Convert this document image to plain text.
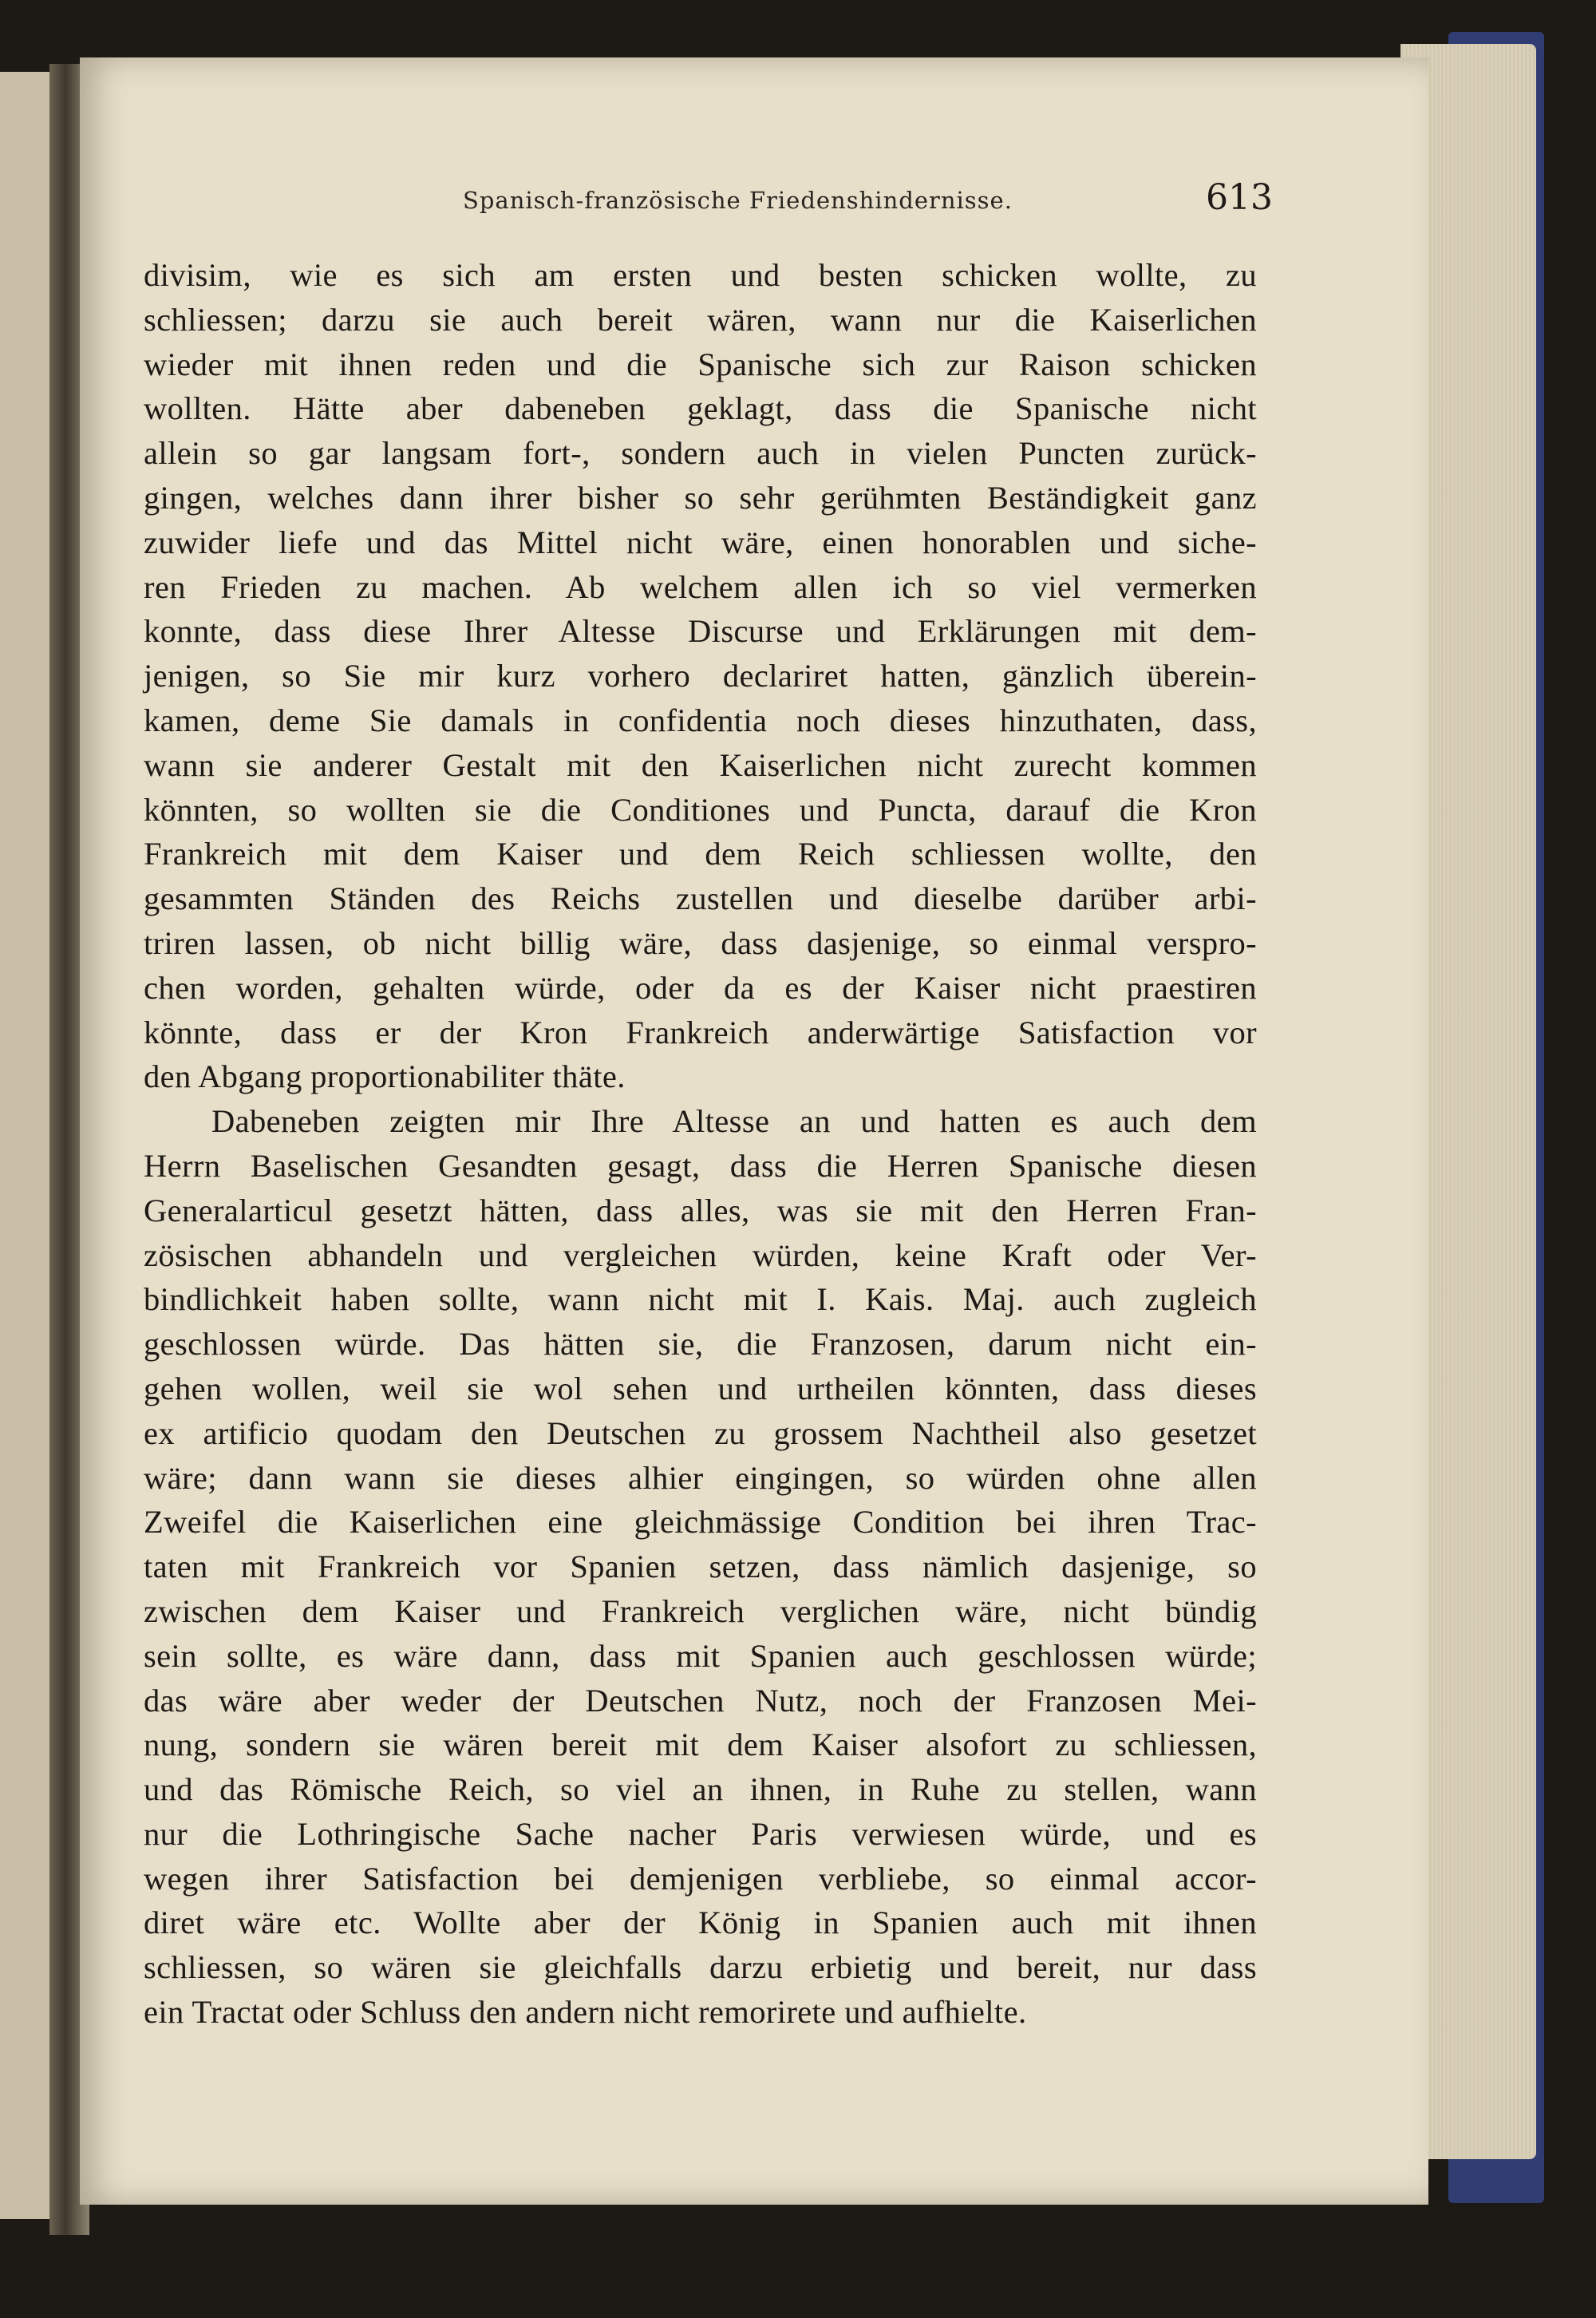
Spanisch-französische Friedenshindernisse.	613
divisim, wie es sich am ersten und besten schicken wollte, zu
schliessen; darzu sie auch bereit wären, wann nur die Kaiserlichen
wieder mit ihnen reden und die Spanische sich zur Raison schicken
wollten. Hätte aber dabeneben geklagt, dass die Spanische nicht
allein so gar langsam fort-, sondern auch in vielen Puncten zurück-
gingen, welches dann ihrer bisher so sehr gerühmten Beständigkeit ganz
zuwider liefe und das Mittel nicht wäre, einen honorablen und siche-
ren Frieden zu machen. Ab welchem allen ich so viel vermerken
konnte, dass diese Ihrer Altesse Discurse und Erklärungen mit dem-
jenigen, so Sie mir kurz vorhero declariret hatten, gänzlich überein-
kamen, deme Sie damals in confidentia noch dieses hinzuthaten, dass,
wann sie anderer Gestalt mit den Kaiserlichen nicht zurecht kommen
könnten, so wollten sie die Conditiones und Puncta, darauf die Kron
Frankreich mit dem Kaiser und dem Reich schliessen wollte, den
gesammten Ständen des Reichs zustellen und dieselbe darüber arbi-
triren lassen, ob nicht billig wäre, dass dasjenige, so einmal verspro-
chen worden, gehalten würde, oder da es der Kaiser nicht praestiren
könnte, dass er der Kron Frankreich anderwärtige Satisfaction vor
den Abgang proportionabiliter thäte.
Dabeneben zeigten mir Ihre Altesse an und hatten es auch dem
Herrn Baselischen Gesandten gesagt, dass die Herren Spanische diesen
Generalarticul gesetzt hätten, dass alles, was sie mit den Herren Fran-
zösischen abhandeln und vergleichen würden, keine Kraft oder Ver-
bindlichkeit haben sollte, wann nicht mit I. Kais. Maj. auch zugleich
geschlossen würde. Das hätten sie, die Franzosen, darum nicht ein-
gehen wollen, weil sie wol sehen und urtheilen könnten, dass dieses
ex artificio quodam den Deutschen zu grossem Nachtheil also gesetzet
wäre; dann wann sie dieses alhier eingingen, so würden ohne allen
Zweifel die Kaiserlichen eine gleichmässige Condition bei ihren Trac-
taten mit Frankreich vor Spanien setzen, dass nämlich dasjenige, so
zwischen dem Kaiser und Frankreich verglichen wäre, nicht bündig
sein sollte, es wäre dann, dass mit Spanien auch geschlossen würde;
das wäre aber weder der Deutschen Nutz, noch der Franzosen Mei-
nung, sondern sie wären bereit mit dem Kaiser alsofort zu schliessen,
und das Römische Reich, so viel an ihnen, in Ruhe zu stellen, wann
nur die Lothringische Sache nacher Paris verwiesen würde, und es
wegen ihrer Satisfaction bei demjenigen verbliebe, so einmal accor-
diret wäre etc. Wollte aber der König in Spanien auch mit ihnen
schliessen, so wären sie gleichfalls darzu erbietig und bereit, nur dass
ein Tractat oder Schluss den andern nicht remorirete und aufhielte.
